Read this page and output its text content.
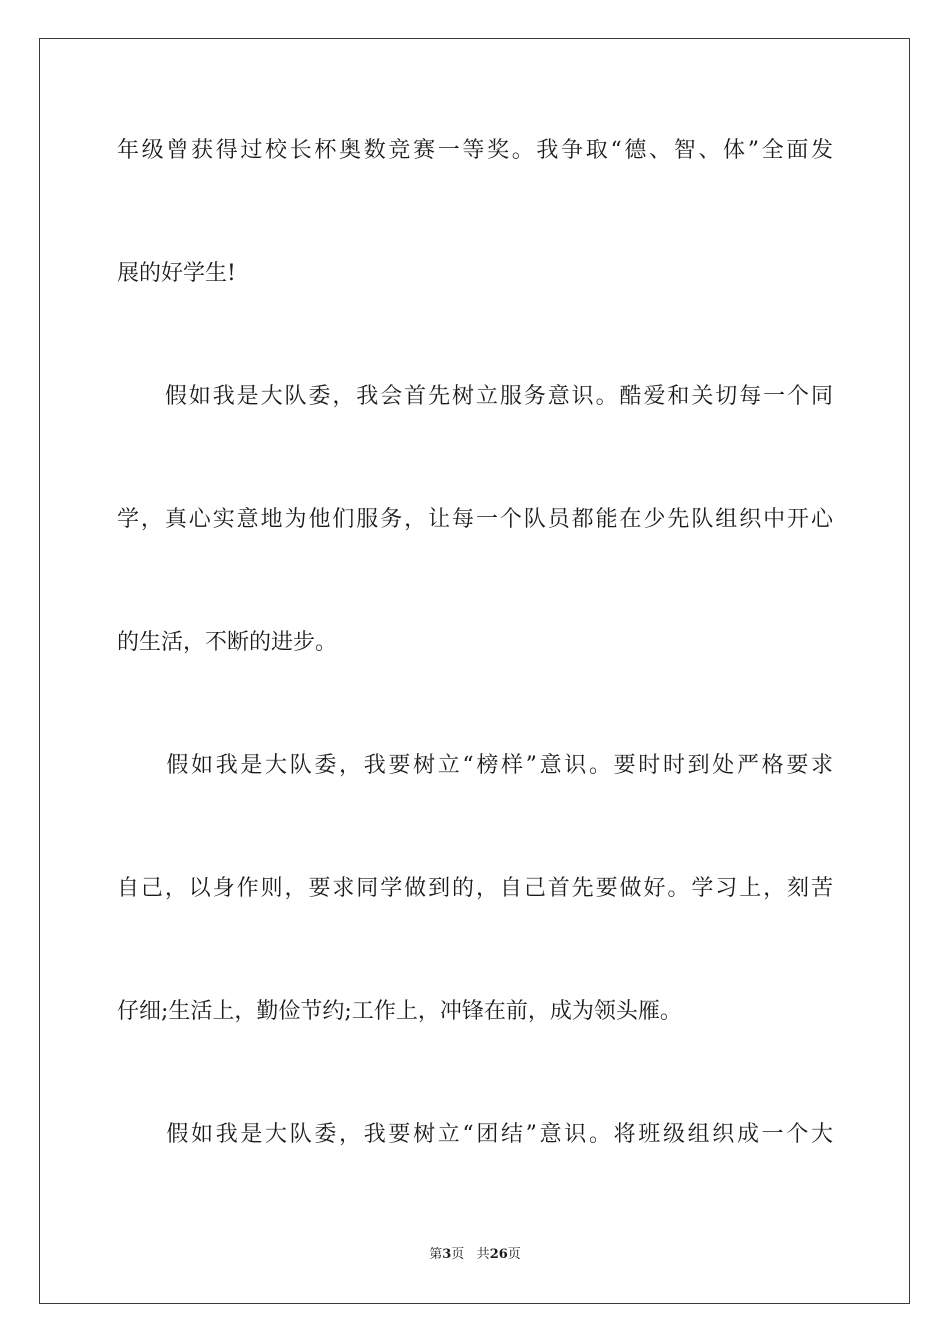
年级曾获得过校长杯奥数竞赛一等奖。我争取“德、智、体”全面发
展的好学生!
　　假如我是大队委，我会首先树立服务意识。酷爱和关切每一个同
学，真心实意地为他们服务，让每一个队员都能在少先队组织中开心
的生活，不断的进步。
　　假如我是大队委，我要树立“榜样”意识。要时时到处严格要求
自己，以身作则，要求同学做到的，自己首先要做好。学习上，刻苦
仔细;生活上，勤俭节约;工作上，冲锋在前，成为领头雁。
　　假如我是大队委，我要树立“团结”意识。将班级组织成一个大
第3页 共26页
